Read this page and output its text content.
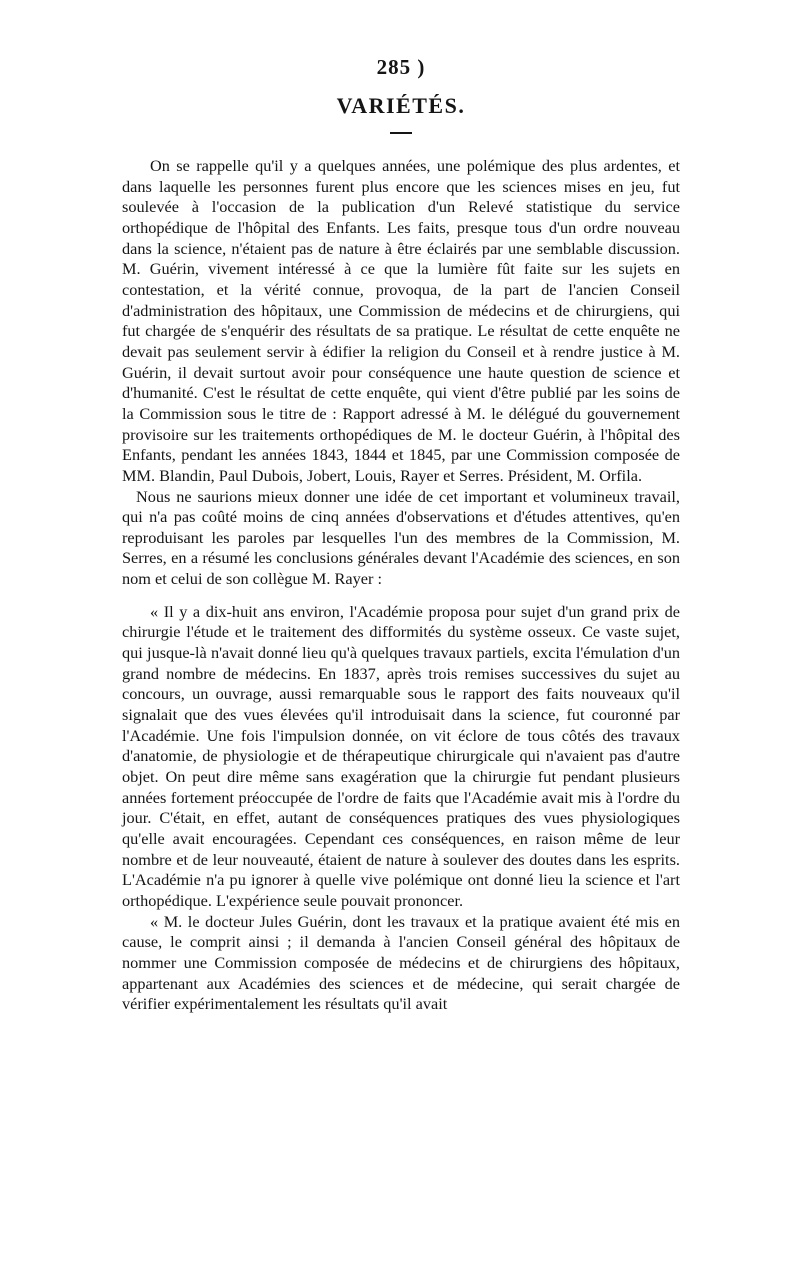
285 )
VARIÉTÉS.

On se rappelle qu'il y a quelques années, une polémique des plus ardentes, et dans laquelle les personnes furent plus encore que les sciences mises en jeu, fut soulevée à l'occasion de la publication d'un Relevé statistique du service orthopédique de l'hôpital des Enfants. Les faits, presque tous d'un ordre nouveau dans la science, n'étaient pas de nature à être éclairés par une semblable discussion. M. Guérin, vivement intéressé à ce que la lumière fût faite sur les sujets en contestation, et la vérité connue, provoqua, de la part de l'ancien Conseil d'administration des hôpitaux, une Commission de médecins et de chirurgiens, qui fut chargée de s'enquérir des résultats de sa pratique. Le résultat de cette enquête ne devait pas seulement servir à édifier la religion du Conseil et à rendre justice à M. Guérin, il devait surtout avoir pour conséquence une haute question de science et d'humanité. C'est le résultat de cette enquête, qui vient d'être publié par les soins de la Commission sous le titre de : Rapport adressé à M. le délégué du gouvernement provisoire sur les traitements orthopédiques de M. le docteur Guérin, à l'hôpital des Enfants, pendant les années 1843, 1844 et 1845, par une Commission composée de MM. Blandin, Paul Dubois, Jobert, Louis, Rayer et Serres. Président, M. Orfila.

Nous ne saurions mieux donner une idée de cet important et volumineux travail, qui n'a pas coûté moins de cinq années d'observations et d'études attentives, qu'en reproduisant les paroles par lesquelles l'un des membres de la Commission, M. Serres, en a résumé les conclusions générales devant l'Académie des sciences, en son nom et celui de son collègue M. Rayer :

« Il y a dix-huit ans environ, l'Académie proposa pour sujet d'un grand prix de chirurgie l'étude et le traitement des difformités du système osseux. Ce vaste sujet, qui jusque-là n'avait donné lieu qu'à quelques travaux partiels, excita l'émulation d'un grand nombre de médecins. En 1837, après trois remises successives du sujet au concours, un ouvrage, aussi remarquable sous le rapport des faits nouveaux qu'il signalait que des vues élevées qu'il introduisait dans la science, fut couronné par l'Académie. Une fois l'impulsion donnée, on vit éclore de tous côtés des travaux d'anatomie, de physiologie et de thérapeutique chirurgicale qui n'avaient pas d'autre objet. On peut dire même sans exagération que la chirurgie fut pendant plusieurs années fortement préoccupée de l'ordre de faits que l'Académie avait mis à l'ordre du jour. C'était, en effet, autant de conséquences pratiques des vues physiologiques qu'elle avait encouragées. Cependant ces conséquences, en raison même de leur nombre et de leur nouveauté, étaient de nature à soulever des doutes dans les esprits. L'Académie n'a pu ignorer à quelle vive polémique ont donné lieu la science et l'art orthopédique. L'expérience seule pouvait prononcer.

« M. le docteur Jules Guérin, dont les travaux et la pratique avaient été mis en cause, le comprit ainsi ; il demanda à l'ancien Conseil général des hôpitaux de nommer une Commission composée de médecins et de chirurgiens des hôpitaux, appartenant aux Académies des sciences et de médecine, qui serait chargée de vérifier expérimentalement les résultats qu'il avait
